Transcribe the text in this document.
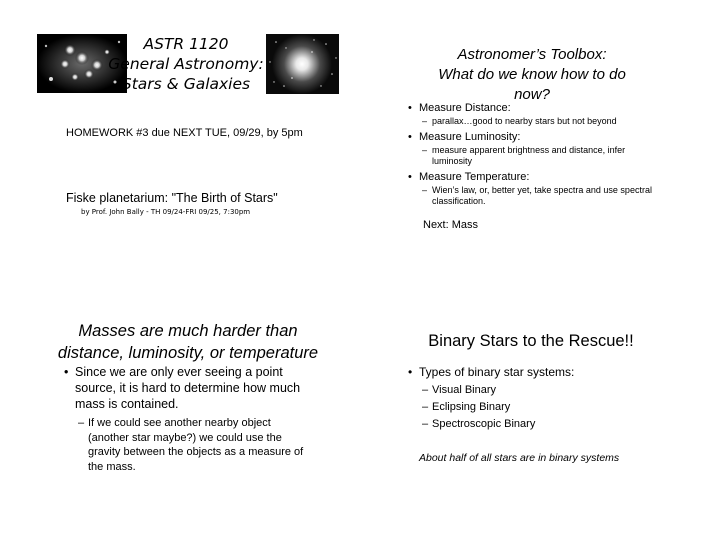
ASTR 1120
General Astronomy:
Stars & Galaxies
HOMEWORK #3 due NEXT TUE, 09/29, by 5pm
Fiske planetarium: "The Birth of Stars"
by Prof. John Bally - TH 09/24-FRI 09/25, 7:30pm
Astronomer’s Toolbox:
What do we know how to do
now?
• Measure Distance:
– parallax…good to nearby stars but not beyond
• Measure Luminosity:
– measure apparent brightness and distance, infer luminosity
• Measure Temperature:
– Wien’s law, or, better yet, take spectra and use spectral classification.
Next: Mass
Masses are much harder than
distance, luminosity, or temperature
• Since we are only ever seeing a point source, it is hard to determine how much mass is contained.
– If we could see another nearby object (another star maybe?) we could use the gravity between the objects as a measure of the mass.
Binary Stars to the Rescue!!
• Types of binary star systems:
– Visual Binary
– Eclipsing Binary
– Spectroscopic Binary
About half of all stars are in binary systems
